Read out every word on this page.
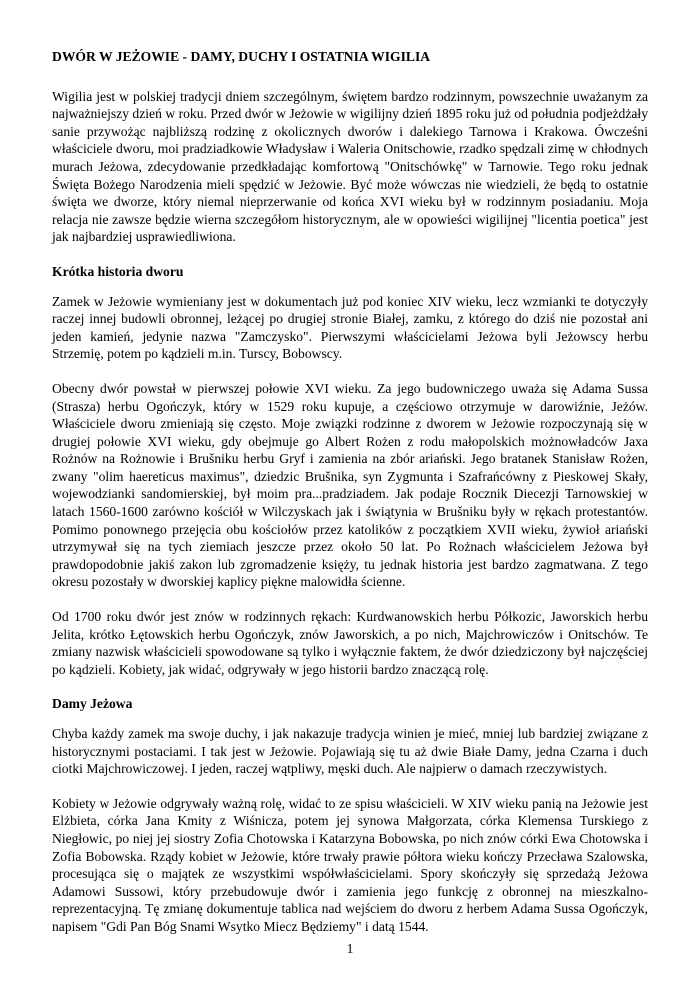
DWÓR W JEŻOWIE - DAMY, DUCHY I OSTATNIA WIGILIA

Wigilia jest w polskiej tradycji dniem szczególnym, świętem bardzo rodzinnym, powszechnie uważanym za najważniejszy dzień w roku. Przed dwór w Jeżowie w wigilijny dzień 1895 roku już od południa podjeżdżały sanie przywożąc najbliższą rodzinę z okolicznych dworów i dalekiego Tarnowa i Krakowa. Ówcześni właściciele dworu, moi pradziadkowie Władysław i Waleria Onitschowie, rzadko spędzali zimę w chłodnych murach Jeżowa, zdecydowanie przedkładając komfortową "Onitschówkę" w Tarnowie. Tego roku jednak Święta Bożego Narodzenia mieli spędzić w Jeżowie. Być może wówczas nie wiedzieli, że będą to ostatnie święta we dworze, który niemal nieprzerwanie od końca XVI wieku był w rodzinnym posiadaniu. Moja relacja nie zawsze będzie wierna szczegółom historycznym, ale w opowieści wigilijnej "licentia poetica" jest jak najbardziej usprawiedliwiona.

Krótka historia dworu

Zamek w Jeżowie wymieniany jest w dokumentach już pod koniec XIV wieku, lecz wzmianki te dotyczyły raczej innej budowli obronnej, leżącej po drugiej stronie Białej, zamku, z którego do dziś nie pozostał ani jeden kamień, jedynie nazwa "Zamczysko". Pierwszymi właścicielami Jeżowa byli Jeżowscy herbu Strzemię, potem po kądzieli m.in. Turscy, Bobowscy.

Obecny dwór powstał w pierwszej połowie XVI wieku. Za jego budowniczego uważa się Adama Sussa (Strasza) herbu Ogończyk, który w 1529 roku kupuje, a częściowo otrzymuje w darowiźnie, Jeżów. Właściciele dworu zmieniają się często. Moje związki rodzinne z dworem w Jeżowie rozpoczynają się w drugiej połowie XVI wieku, gdy obejmuje go Albert Rożen z rodu małopolskich możnowładców Jaxa Rożnów na Rożnowie i Brušniku herbu Gryf i zamienia na zbór ariański. Jego bratanek Stanisław Rożen, zwany "olim haereticus maximus", dziedzic Brušnika, syn Zygmunta i Szafrańcówny z Pieskowej Skały, wojewodzianki sandomierskiej, był moim pra...pradziadem. Jak podaje Rocznik Diecezji Tarnowskiej w latach 1560-1600 zarówno kościół w Wilczyskach jak i świątynia w Brušniku były w rękach protestantów. Pomimo ponownego przejęcia obu kościołów przez katolików z początkiem XVII wieku, żywioł ariański utrzymywał się na tych ziemiach jeszcze przez około 50 lat. Po Rożnach właścicielem Jeżowa był prawdopodobnie jakiś zakon lub zgromadzenie księży, tu jednak historia jest bardzo zagmatwana. Z tego okresu pozostały w dworskiej kaplicy piękne malowidła ścienne.

Od 1700 roku dwór jest znów w rodzinnych rękach: Kurdwanowskich herbu Półkozic, Jaworskich herbu Jelita, krótko Łętowskich herbu Ogończyk, znów Jaworskich, a po nich, Majchrowiczów i Onitschów. Te zmiany nazwisk właścicieli spowodowane są tylko i wyłącznie faktem, że dwór dziedziczony był najczęściej po kądzieli. Kobiety, jak widać, odgrywały w jego historii bardzo znaczącą rolę.

Damy Jeżowa

Chyba każdy zamek ma swoje duchy, i jak nakazuje tradycja winien je mieć, mniej lub bardziej związane z historycznymi postaciami. I tak jest w Jeżowie. Pojawiają się tu aż dwie Białe Damy, jedna Czarna i duch ciotki Majchrowiczowej. I jeden, raczej wątpliwy, męski duch. Ale najpierw o damach rzeczywistych.

Kobiety w Jeżowie odgrywały ważną rolę, widać to ze spisu właścicieli. W XIV wieku panią na Jeżowie jest Elżbieta, córka Jana Kmity z Wiśnicza, potem jej synowa Małgorzata, córka Klemensa Turskiego z Niegłowic, po niej jej siostry Zofia Chotowska i Katarzyna Bobowska, po nich znów córki Ewa Chotowska i Zofia Bobowska. Rządy kobiet w Jeżowie, które trwały prawie półtora wieku kończy Przecława Szalowska, procesująca się o majątek ze wszystkimi współwłaścicielami. Spory skończyły się sprzedażą Jeżowa Adamowi Sussowi, który przebudowuje dwór i zamienia jego funkcję z obronnej na mieszkalno-reprezentacyjną. Tę zmianę dokumentuje tablica nad wejściem do dworu z herbem Adama Sussa Ogończyk, napisem "Gdi Pan Bóg Snami Wsytko Miecz Będziemy" i datą 1544.

1
